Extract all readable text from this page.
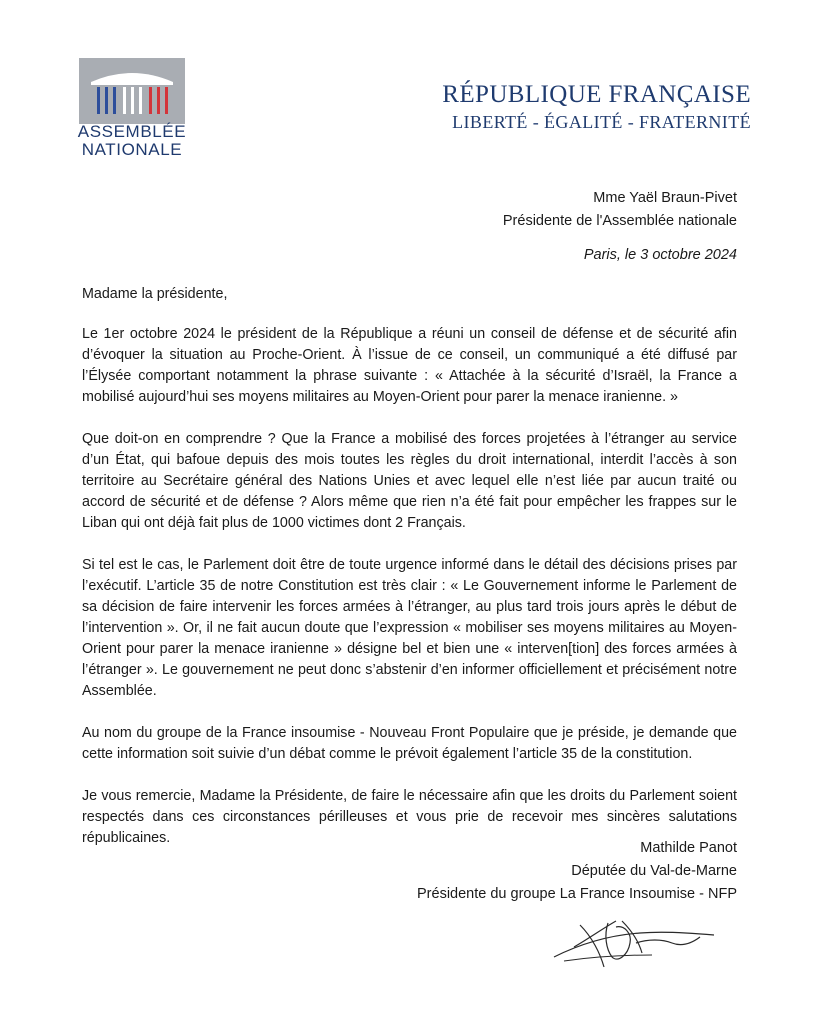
ASSEMBLÉE
NATIONALE
RÉPUBLIQUE FRANÇAISE
LIBERTÉ - ÉGALITÉ - FRATERNITÉ
Mme Yaël Braun-Pivet
Présidente de l'Assemblée nationale
Paris, le 3 octobre 2024

Madame la présidente,

Le 1er octobre 2024 le président de la République a réuni un conseil de défense et de sécurité afin d’évoquer la situation au Proche-Orient. À l’issue de ce conseil, un communiqué a été diffusé par l’Élysée comportant notamment la phrase suivante : « Attachée à la sécurité d’Israël, la France a mobilisé aujourd’hui ses moyens militaires au Moyen-Orient pour parer la menace iranienne. »

Que doit-on en comprendre ? Que la France a mobilisé des forces projetées à l’étranger au service d’un État, qui bafoue depuis des mois toutes les règles du droit international, interdit l’accès à son territoire au Secrétaire général des Nations Unies et avec lequel elle n’est liée par aucun traité ou accord de sécurité et de défense ? Alors même que rien n’a été fait pour empêcher les frappes sur le Liban qui ont déjà fait plus de 1000 victimes dont 2 Français.

Si tel est le cas, le Parlement doit être de toute urgence informé dans le détail des décisions prises par l’exécutif. L’article 35 de notre Constitution est très clair : « Le Gouvernement informe le Parlement de sa décision de faire intervenir les forces armées à l’étranger, au plus tard trois jours après le début de l’intervention ». Or, il ne fait aucun doute que l’expression « mobiliser ses moyens militaires au Moyen-Orient pour parer la menace iranienne » désigne bel et bien une « interven[tion] des forces armées à l’étranger ». Le gouvernement ne peut donc s’abstenir d’en informer officiellement et précisément notre Assemblée.

Au nom du groupe de la France insoumise - Nouveau Front Populaire que je préside, je demande que cette information soit suivie d’un débat comme le prévoit également l’article 35 de la constitution.

Je vous remercie, Madame la Présidente, de faire le nécessaire afin que les droits du Parlement soient respectés dans ces circonstances périlleuses et vous prie de recevoir mes sincères salutations républicaines.

Mathilde Panot
Députée du Val-de-Marne
Présidente du groupe La France Insoumise - NFP
